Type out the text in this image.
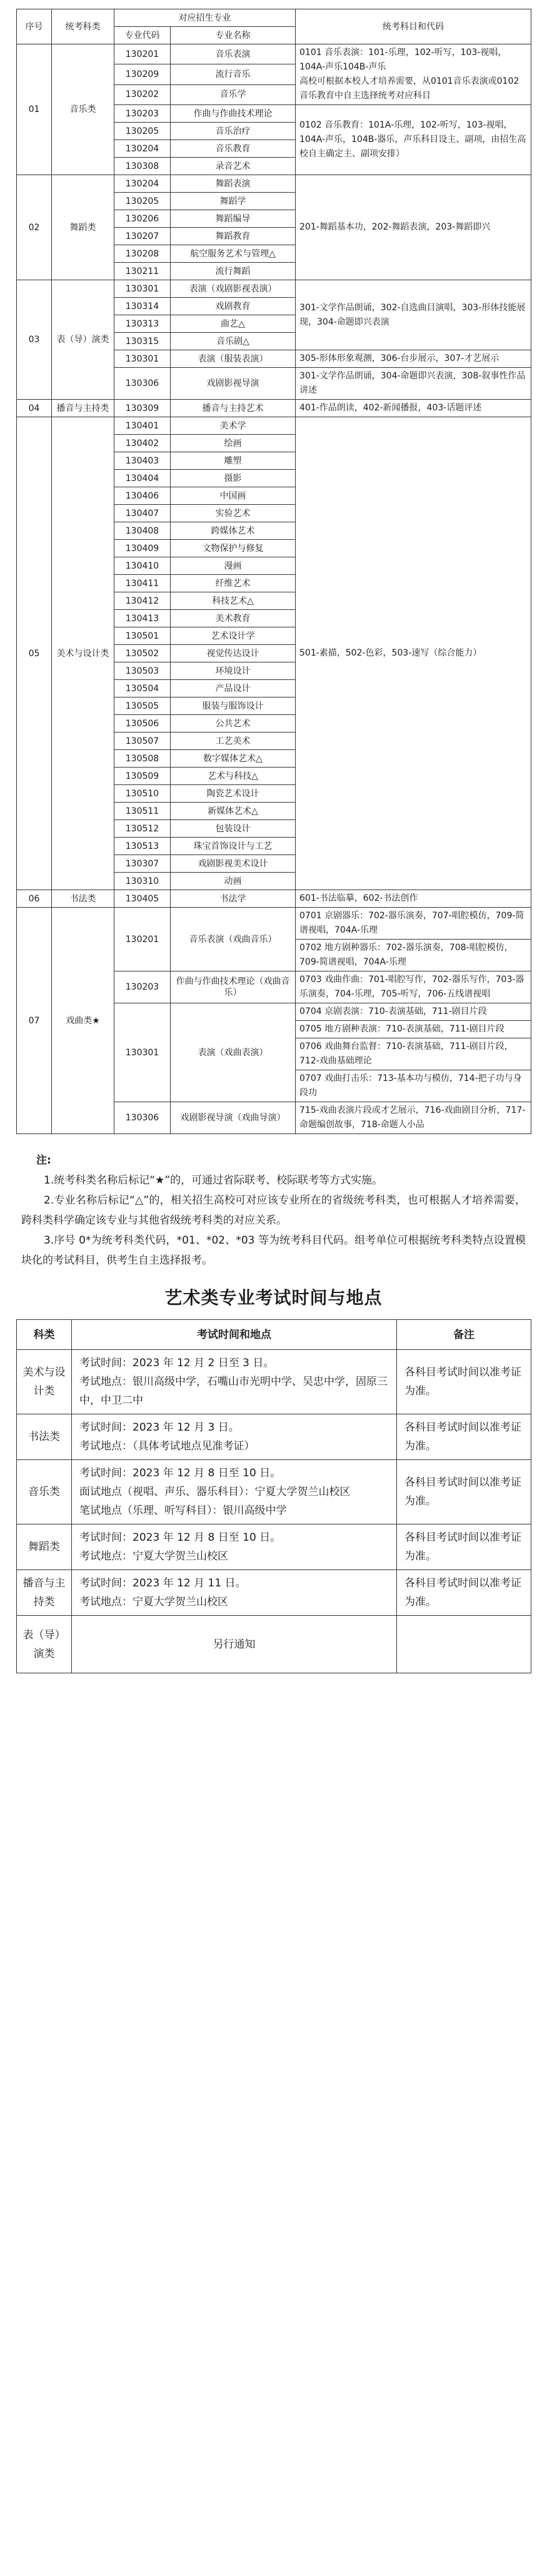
序号	统考科类	对应招生专业		统考科目和代码
		专业代码	专业名称	
01	音乐类	130201	音乐表演	0101 音乐表演：101-乐理，102-听写，103-视唱，104A-声乐104B-声乐
高校可根据本校人才培养需要，从0101音乐表演或0102音乐教育中自主选择统考对应科目
		130209	流行音乐	
		130202	音乐学	
		130203	作曲与作曲技术理论	0102 音乐教育：101A-乐理，102-听写，103-视唱，104A-声乐，104B-器乐，声乐科目设主、副项，由招生高校自主确定主、副项安排）
		130205	音乐治疗	
		130204	音乐教育	
		130308	录音艺术	
02	舞蹈类	130204	舞蹈表演	201-舞蹈基本功，202-舞蹈表演，203-舞蹈即兴
		130205	舞蹈学	
		130206	舞蹈编导	
		130207	舞蹈教育	
		130208	航空服务艺术与管理△	
		130211	流行舞蹈	
03	表（导）演类	130301	表演（戏剧影视表演）	301-文学作品朗诵，302-自选曲目演唱，303-形体技能展现，304-命题即兴表演
		130314	戏剧教育	
		130313	曲艺△	
		130315	音乐剧△	
		130301	表演（服装表演）	305-形体形象观测，306-台步展示，307-才艺展示
		130306	戏剧影视导演	301-文学作品朗诵，304-命题即兴表演，308-叙事性作品讲述
04	播音与主持类	130309	播音与主持艺术	401-作品朗读，402-新闻播报，403-话题评述
05	美术与设计类	130401	美术学	501-素描，502-色彩，503-速写（综合能力）
		130402	绘画	
		130403	雕塑	
		130404	摄影	
		130406	中国画	
		130407	实验艺术	
		130408	跨媒体艺术	
		130409	文物保护与修复	
		130410	漫画	
		130411	纤维艺术	
		130412	科技艺术△	
		130413	美术教育	
		130501	艺术设计学	
		130502	视觉传达设计	
		130503	环境设计	
		130504	产品设计	
		130505	服装与服饰设计	
		130506	公共艺术	
		130507	工艺美术	
		130508	数字媒体艺术△	
		130509	艺术与科技△	
		130510	陶瓷艺术设计	
		130511	新媒体艺术△	
		130512	包装设计	
		130513	珠宝首饰设计与工艺	
		130307	戏剧影视美术设计	
		130310	动画	
06	书法类	130405	书法学	601-书法临摹，602-书法创作
07	戏曲类★	130201	音乐表演（戏曲音乐）	0701 京剧器乐：702-器乐演奏，707-唱腔模仿，709-简谱视唱，704A-乐理
				0702 地方剧种器乐：702-器乐演奏，708-唱腔模仿，709-简谱视唱，704A-乐理
		130203	作曲与作曲技术理论（戏曲音乐）	0703 戏曲作曲：701-唱腔写作，702-器乐写作，703-器乐演奏，704-乐理，705-听写，706-五线谱视唱
		130301	表演（戏曲表演）	0704 京剧表演：710-表演基础，711-剧目片段
				0705 地方剧种表演：710-表演基础，711-剧目片段
				0706 戏曲舞台监督：710-表演基础，711-剧目片段，712-戏曲基础理论
				0707 戏曲打击乐：713-基本功与模仿，714-把子功与身段功
		130306	戏剧影视导演（戏曲导演）	715-戏曲表演片段或才艺展示，716-戏曲剧目分析，717-命题编创故事，718-命题人小品
注:

1.统考科类名称后标记“★”的，可通过省际联考、校际联考等方式实施。

2.专业名称后标记“△”的，相关招生高校可对应该专业所在的省级统考科类，也可根据人才培养需要，跨科类科学确定该专业与其他省级统考科类的对应关系。

3.序号 0*为统考科类代码，*01、*02、*03 等为统考科目代码。组考单位可根据统考科类特点设置模块化的考试科目，供考生自主选择报考。

艺术类专业考试时间与地点
科类	考试时间和地点	备注
美术与设计类	考试时间：2023 年 12 月 2 日至 3 日。
考试地点：银川高级中学，石嘴山市光明中学、吴忠中学，固原三中，中卫二中	各科目考试时间以准考证为准。
书法类	考试时间：2023 年 12 月 3 日。
考试地点：（具体考试地点见准考证）	各科目考试时间以准考证为准。
音乐类	考试时间：2023 年 12 月 8 日至 10 日。
面试地点（视唱、声乐、器乐科目）：宁夏大学贺兰山校区
笔试地点（乐理、听写科目）：银川高级中学	各科目考试时间以准考证为准。
舞蹈类	考试时间：2023 年 12 月 8 日至 10 日。
考试地点：宁夏大学贺兰山校区	各科目考试时间以准考证为准。
播音与主持类	考试时间：2023 年 12 月 11 日。
考试地点：宁夏大学贺兰山校区	各科目考试时间以准考证为准。
表（导）演类	另行通知	
